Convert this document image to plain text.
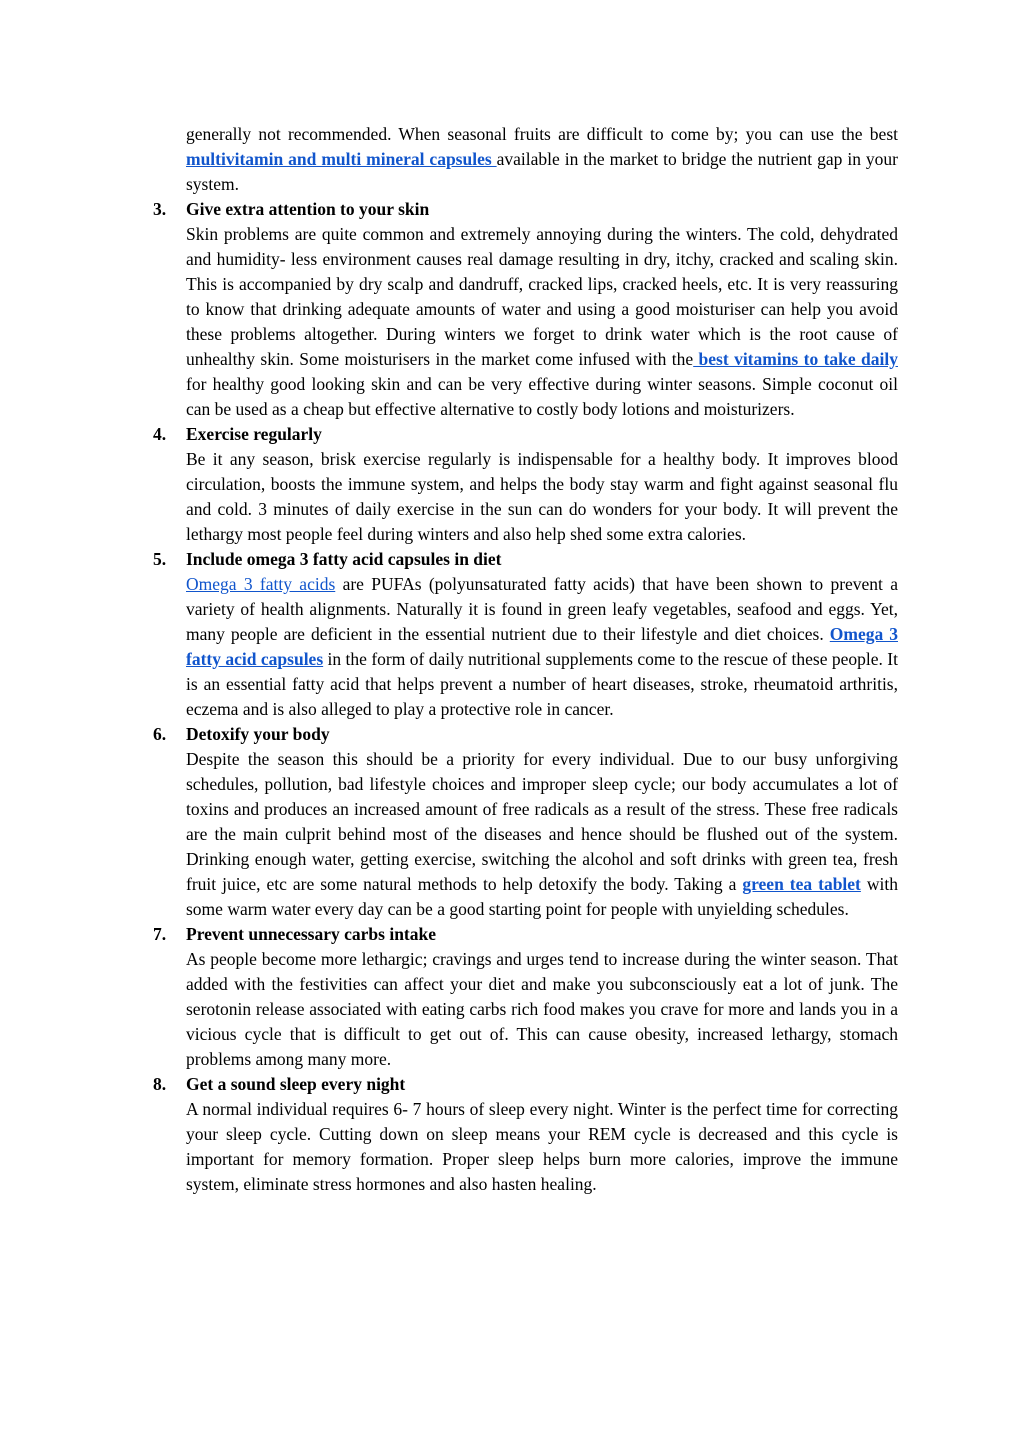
generally not recommended. When seasonal fruits are difficult to come by; you can use the best multivitamin and multi mineral capsules available in the market to bridge the nutrient gap in your system.

3. Give extra attention to your skin

Skin problems are quite common and extremely annoying during the winters. The cold, dehydrated and humidity- less environment causes real damage resulting in dry, itchy, cracked and scaling skin. This is accompanied by dry scalp and dandruff, cracked lips, cracked heels, etc. It is very reassuring to know that drinking adequate amounts of water and using a good moisturiser can help you avoid these problems altogether. During winters we forget to drink water which is the root cause of unhealthy skin. Some moisturisers in the market come infused with the best vitamins to take daily for healthy good looking skin and can be very effective during winter seasons. Simple coconut oil can be used as a cheap but effective alternative to costly body lotions and moisturizers.

4. Exercise regularly

Be it any season, brisk exercise regularly is indispensable for a healthy body. It improves blood circulation, boosts the immune system, and helps the body stay warm and fight against seasonal flu and cold. 3 minutes of daily exercise in the sun can do wonders for your body. It will prevent the lethargy most people feel during winters and also help shed some extra calories.

5. Include omega 3 fatty acid capsules in diet

Omega 3 fatty acids are PUFAs (polyunsaturated fatty acids) that have been shown to prevent a variety of health alignments. Naturally it is found in green leafy vegetables, seafood and eggs. Yet, many people are deficient in the essential nutrient due to their lifestyle and diet choices. Omega 3 fatty acid capsules in the form of daily nutritional supplements come to the rescue of these people. It is an essential fatty acid that helps prevent a number of heart diseases, stroke, rheumatoid arthritis, eczema and is also alleged to play a protective role in cancer.

6. Detoxify your body

Despite the season this should be a priority for every individual. Due to our busy unforgiving schedules, pollution, bad lifestyle choices and improper sleep cycle; our body accumulates a lot of toxins and produces an increased amount of free radicals as a result of the stress. These free radicals are the main culprit behind most of the diseases and hence should be flushed out of the system. Drinking enough water, getting exercise, switching the alcohol and soft drinks with green tea, fresh fruit juice, etc are some natural methods to help detoxify the body. Taking a green tea tablet with some warm water every day can be a good starting point for people with unyielding schedules.

7. Prevent unnecessary carbs intake

As people become more lethargic; cravings and urges tend to increase during the winter season. That added with the festivities can affect your diet and make you subconsciously eat a lot of junk. The serotonin release associated with eating carbs rich food makes you crave for more and lands you in a vicious cycle that is difficult to get out of. This can cause obesity, increased lethargy, stomach problems among many more.

8. Get a sound sleep every night

A normal individual requires 6- 7 hours of sleep every night. Winter is the perfect time for correcting your sleep cycle. Cutting down on sleep means your REM cycle is decreased and this cycle is important for memory formation. Proper sleep helps burn more calories, improve the immune system, eliminate stress hormones and also hasten healing.
